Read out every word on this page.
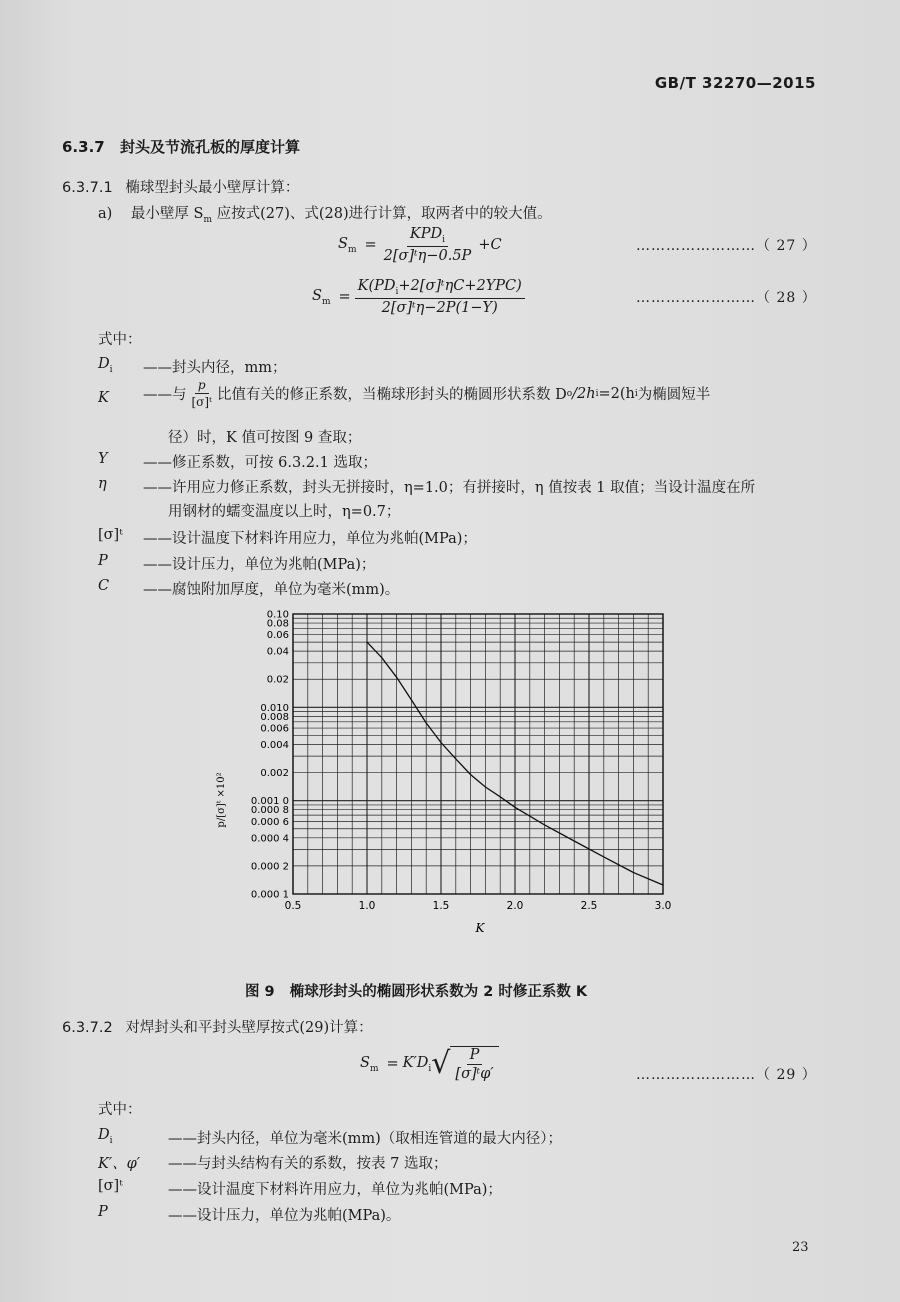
GB/T 32270—2015
6.3.7 封头及节流孔板的厚度计算
6.3.7.1 椭球型封头最小壁厚计算：
a) 最小壁厚 $S_m$ 应按式(27)、式(28)进行计算，取两者中的较大值。
$S_m = \frac{KPD_i}{\text{2[σ]ᵗη−0.5P}} +C$	……………………（ 27 ）
$S_m = \frac{K(PD_i+2[\sigma]ᵗ\eta C+2YPC)}{\text{2[σ]ᵗη−2P(1−Y)}}$	……………………（ 28 ）
式中：
$D_i$ ——封头内径，mm；
K ——与 $\frac{p}{\text{[σ]ᵗ}}$ 比值有关的修正系数，当椭球形封头的椭圆形状系数 D o /2h i =2(h i 为椭圆短半
径）时，K 值可按图 9 查取；
Y ——修正系数，可按 6.3.2.1 选取；
η	——许用应力修正系数，封头无拼接时，η=1.0；有拼接时，η 值按表 1 取值；当设计温度在所
用钢材的蠕变温度以上时，η=0.7；
[σ]ᵗ ——设计温度下材料许用应力，单位为兆帕(MPa)；
P ——设计压力，单位为兆帕(MPa)；
C ——腐蚀附加厚度，单位为毫米(mm)。
0.10
0.08
0.06
0.04
0.02
0.010
0.008
0.006
0.004
0.002
0.001 0
0.000 8
0.000 6
0.000 4
0.000 2
0.000 1
0.5	1.0	1.5	2.0	2.5	3.0
K
p/[σ]ᵗ ×10²
图 9 椭球形封头的椭圆形状系数为 2 时修正系数 K
6.3.7.2 对焊封头和平封头壁厚按式(29)计算：
$S_m = K'D_i$ √ $\frac{P}{\text{[σ]ᵗφ′}}$	……………………（ 29 ）
式中：
$D_i$	——封头内径，单位为毫米(mm)（取相连管道的最大内径）；
K′、φ′ ——与封头结构有关的系数，按表 7 选取；
[σ]ᵗ	——设计温度下材料许用应力，单位为兆帕(MPa)；
P	——设计压力，单位为兆帕(MPa)。
23
